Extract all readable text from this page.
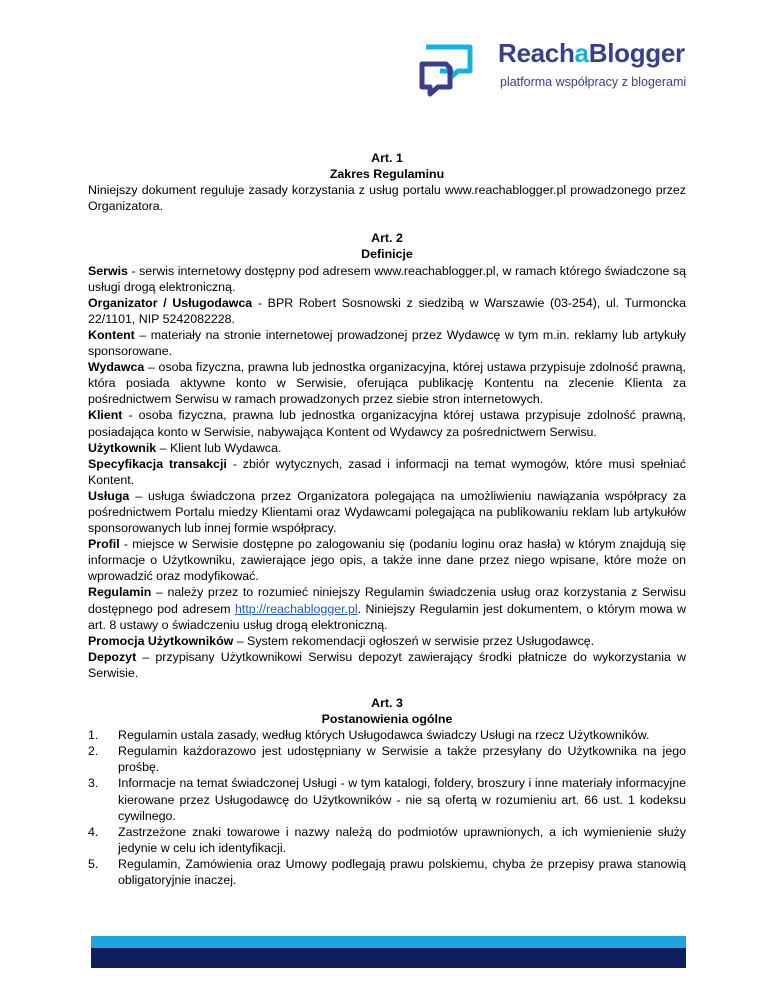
ReachaBlogger
platforma współpracy z blogerami

Art. 1

Zakres Regulaminu

Niniejszy dokument reguluje zasady korzystania z usług portalu www.reachablogger.pl prowadzonego przez Organizatora.

Art. 2

Definicje

Serwis - serwis internetowy dostępny pod adresem www.reachablogger.pl, w ramach którego świadczone są usługi drogą elektroniczną.

Organizator / Usługodawca - BPR Robert Sosnowski z siedzibą w Warszawie (03-254), ul. Turmoncka 22/1101, NIP 5242082228.

Kontent – materiały na stronie internetowej prowadzonej przez Wydawcę w tym m.in. reklamy lub artykuły sponsorowane.

Wydawca – osoba fizyczna, prawna lub jednostka organizacyjna, której ustawa przypisuje zdolność prawną, która posiada aktywne konto w Serwisie, oferująca publikację Kontentu na zlecenie Klienta za pośrednictwem Serwisu w ramach prowadzonych przez siebie stron internetowych.

Klient - osoba fizyczna, prawna lub jednostka organizacyjna której ustawa przypisuje zdolność prawną, posiadająca konto w Serwisie, nabywająca Kontent od Wydawcy za pośrednictwem Serwisu.

Użytkownik – Klient lub Wydawca.

Specyfikacja transakcji - zbiór wytycznych, zasad i informacji na temat wymogów, które musi spełniać Kontent.

Usługa – usługa świadczona przez Organizatora polegająca na umożliwieniu nawiązania współpracy za pośrednictwem Portalu miedzy Klientami oraz Wydawcami polegająca na publikowaniu reklam lub artykułów sponsorowanych lub innej formie współpracy.

Profil - miejsce w Serwisie dostępne po zalogowaniu się (podaniu loginu oraz hasła) w którym znajdują się informacje o Użytkowniku, zawierające jego opis, a także inne dane przez niego wpisane, które może on wprowadzić oraz modyfikować.

Regulamin – należy przez to rozumieć niniejszy Regulamin świadczenia usług oraz korzystania z Serwisu dostępnego pod adresem http://reachablogger.pl. Niniejszy Regulamin jest dokumentem, o którym mowa w art. 8 ustawy o świadczeniu usług drogą elektroniczną.

Promocja Użytkowników – System rekomendacji ogłoszeń w serwisie przez Usługodawcę.

Depozyt – przypisany Użytkownikowi Serwisu depozyt zawierający środki płatnicze do wykorzystania w Serwisie.

Art. 3

Postanowienia ogólne

1. Regulamin ustala zasady, według których Usługodawca świadczy Usługi na rzecz Użytkowników.
2. Regulamin każdorazowo jest udostępniany w Serwisie a także przesyłany do Użytkownika na jego prośbę.
3. Informacje na temat świadczonej Usługi - w tym katalogi, foldery, broszury i inne materiały informacyjne kierowane przez Usługodawcę do Użytkowników - nie są ofertą w rozumieniu art. 66 ust. 1 kodeksu cywilnego.
4. Zastrzeżone znaki towarowe i nazwy należą do podmiotów uprawnionych, a ich wymienienie służy jedynie w celu ich identyfikacji.
5. Regulamin, Zamówienia oraz Umowy podlegają prawu polskiemu, chyba że przepisy prawa stanowią obligatoryjnie inaczej.
